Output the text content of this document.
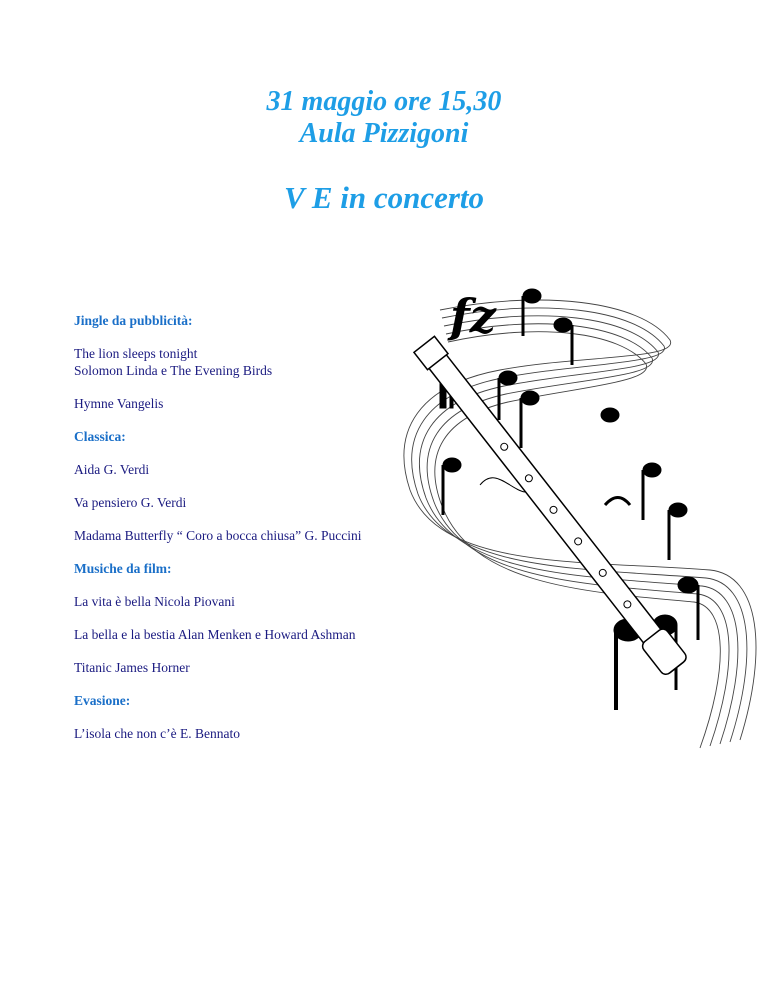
31 maggio ore 15,30
Aula Pizzigoni
V E in concerto

Jingle da pubblicità:

The lion sleeps tonight
Solomon Linda e The Evening Birds

Hymne Vangelis

Classica:

Aida G. Verdi

Va pensiero G. Verdi

Madama Butterfly “ Coro a bocca chiusa” G. Puccini

Musiche da film:

La vita è bella Nicola Piovani

La bella e la bestia Alan Menken e Howard Ashman

Titanic James Horner

Evasione:

L’isola che non c’è E. Bennato

fz
